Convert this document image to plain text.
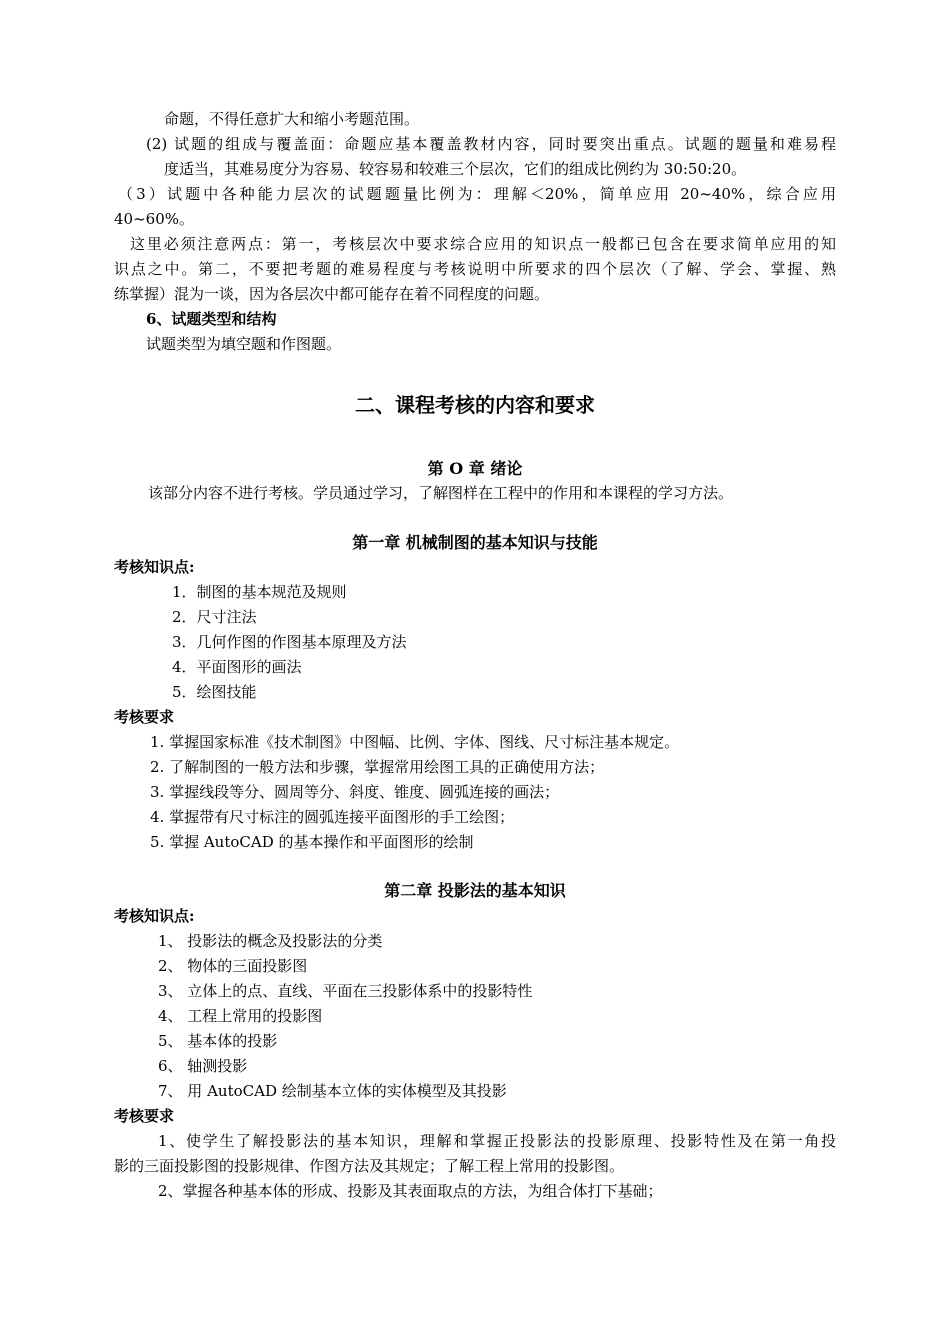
命题，不得任意扩大和缩小考题范围。
(2) 试题的组成与覆盖面：命题应基本覆盖教材内容，同时要突出重点。试题的题量和难易程
度适当，其难易度分为容易、较容易和较难三个层次，它们的组成比例约为 30:50:20。
（3）试题中各种能力层次的试题题量比例为：理解＜20%，简单应用 20~40%，综合应用
40~60%。
这里必须注意两点：第一，考核层次中要求综合应用的知识点一般都已包含在要求简单应用的知
识点之中。第二，不要把考题的难易程度与考核说明中所要求的四个层次（了解、学会、掌握、熟
练掌握）混为一谈，因为各层次中都可能存在着不同程度的问题。
6、试题类型和结构
试题类型为填空题和作图题。
二、课程考核的内容和要求
第 O 章 绪论
该部分内容不进行考核。学员通过学习，了解图样在工程中的作用和本课程的学习方法。
第一章 机械制图的基本知识与技能
考核知识点:
1．制图的基本规范及规则
2．尺寸注法
3．几何作图的作图基本原理及方法
4．平面图形的画法
5．绘图技能
考核要求
1. 掌握国家标准《技术制图》中图幅、比例、字体、图线、尺寸标注基本规定。
2. 了解制图的一般方法和步骤，掌握常用绘图工具的正确使用方法；
3. 掌握线段等分、圆周等分、斜度、锥度、圆弧连接的画法；
4. 掌握带有尺寸标注的圆弧连接平面图形的手工绘图；
5. 掌握 AutoCAD 的基本操作和平面图形的绘制
第二章 投影法的基本知识
考核知识点:
1、 投影法的概念及投影法的分类
2、 物体的三面投影图
3、 立体上的点、直线、平面在三投影体系中的投影特性
4、 工程上常用的投影图
5、 基本体的投影
6、 轴测投影
7、 用 AutoCAD 绘制基本立体的实体模型及其投影
考核要求
1、使学生了解投影法的基本知识，理解和掌握正投影法的投影原理、投影特性及在第一角投
影的三面投影图的投影规律、作图方法及其规定；了解工程上常用的投影图。
2、掌握各种基本体的形成、投影及其表面取点的方法，为组合体打下基础；
